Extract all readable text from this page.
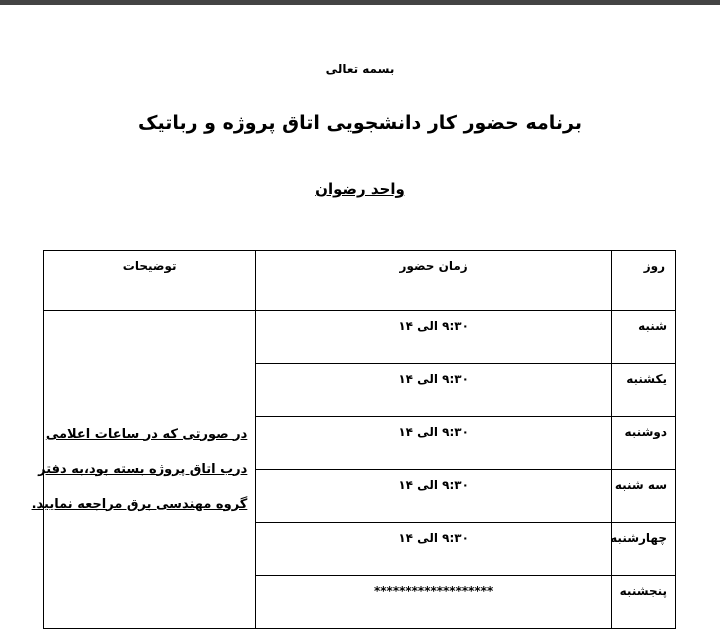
بسمه تعالی
برنامه حضور کار دانشجویی اتاق پروژه و رباتیک
واحد رضوان
روز	زمان حضور	توضیحات
شنبه	۹:۳۰ الی ۱۴	در صورتی که در ساعات اعلامی
درب اتاق پروژه بسته بود،به دفتر
گروه مهندسی برق مراجعه نمایید.

یکشنبه	۹:۳۰ الی ۱۴	
دوشنبه	۹:۳۰ الی ۱۴	
سه شنبه	۹:۳۰ الی ۱۴	
چهارشنبه	۹:۳۰ الی ۱۴	
پنجشنبه	*******************	
